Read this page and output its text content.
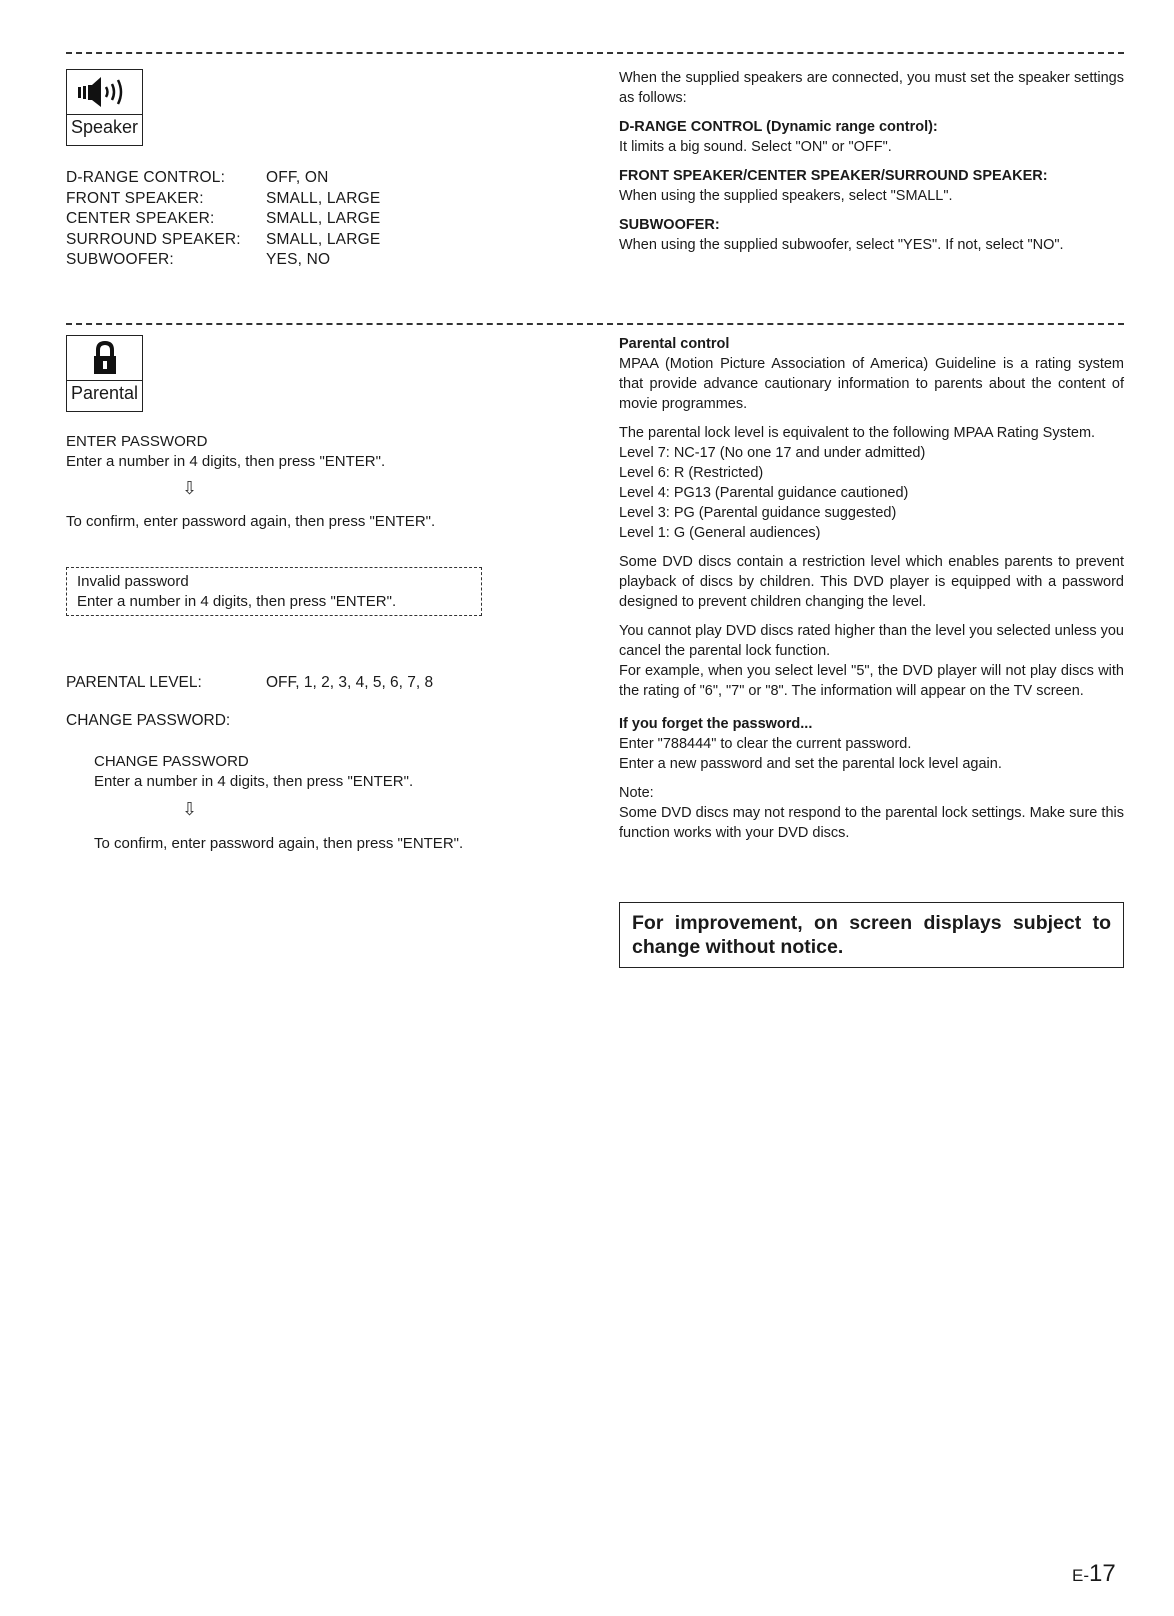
Speaker
D-RANGE CONTROL:	OFF, ON
FRONT SPEAKER:	SMALL, LARGE
CENTER SPEAKER:	SMALL, LARGE
SURROUND SPEAKER:	SMALL, LARGE
SUBWOOFER:	YES, NO

When the supplied speakers are connected, you must set the speaker settings as follows:

D-RANGE CONTROL (Dynamic range control):

It limits a big sound. Select "ON" or "OFF".

FRONT SPEAKER/CENTER SPEAKER/SURROUND SPEAKER:

When using the supplied speakers, select "SMALL".

SUBWOOFER:

When using the supplied subwoofer, select "YES". If not, select "NO".

Parental
ENTER PASSWORD
Enter a number in 4 digits, then press "ENTER".
⇩
To confirm, enter password again, then press "ENTER".
Invalid password
Enter a number in 4 digits, then press "ENTER".
PARENTAL LEVEL:	OFF, 1, 2, 3, 4, 5, 6, 7, 8
CHANGE PASSWORD:
CHANGE PASSWORD
Enter a number in 4 digits, then press "ENTER".
⇩
To confirm, enter password again, then press "ENTER".

Parental control

MPAA (Motion Picture Association of America) Guideline is a rating system that provide advance cautionary information to parents about the content of movie programmes.

The parental lock level is equivalent to the following MPAA Rating System.

Level 7: NC-17 (No one 17 and under admitted)

Level 6: R (Restricted)

Level 4: PG13 (Parental guidance cautioned)

Level 3: PG (Parental guidance suggested)

Level 1: G (General audiences)

Some DVD discs contain a restriction level which enables parents to prevent playback of discs by children. This DVD player is equipped with a password designed to prevent children changing the level.

You cannot play DVD discs rated higher than the level you selected unless you cancel the parental lock function.

For example, when you select level "5", the DVD player will not play discs with the rating of "6", "7" or "8". The information will appear on the TV screen.

If you forget the password...

Enter "788444" to clear the current password.

Enter a new password and set the parental lock level again.

Note:

Some DVD discs may not respond to the parental lock settings. Make sure this function works with your DVD discs.

For improvement, on screen displays subject to change without notice.
E-17
